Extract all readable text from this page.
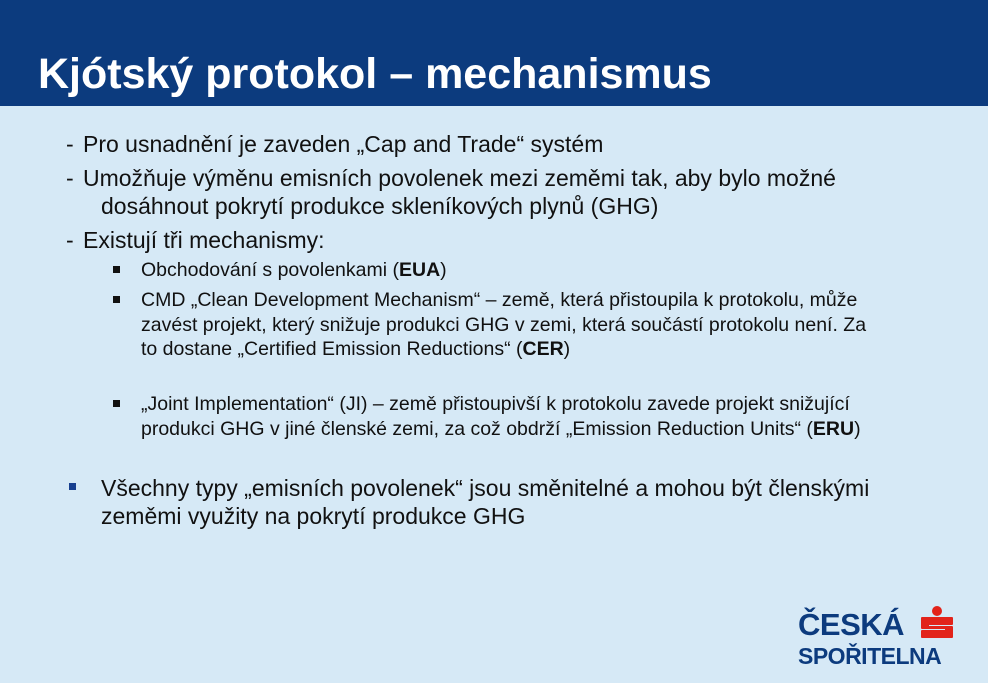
Kjótský protokol – mechanismus
- Pro usnadnění je zaveden „Cap and Trade“ systém
- Umožňuje výměnu emisních povolenek mezi zeměmi tak, aby bylo možné dosáhnout pokrytí produkce skleníkových plynů (GHG)
- Existují tři mechanismy:
Obchodování s povolenkami (EUA)
CMD „Clean Development Mechanism“ – země, která přistoupila k protokolu, může zavést projekt, který snižuje produkci GHG v zemi, která součástí protokolu není. Za to dostane „Certified Emission Reductions“ (CER)
„Joint Implementation“ (JI) – země přistoupivší k protokolu zavede projekt snižující produkci GHG v jiné členské zemi, za což obdrží „Emission Reduction Units“ (ERU)
Všechny typy „emisních povolenek“ jsou směnitelné a mohou být členskými zeměmi využity na pokrytí produkce GHG
ČESKÁ
SPOŘITELNA
